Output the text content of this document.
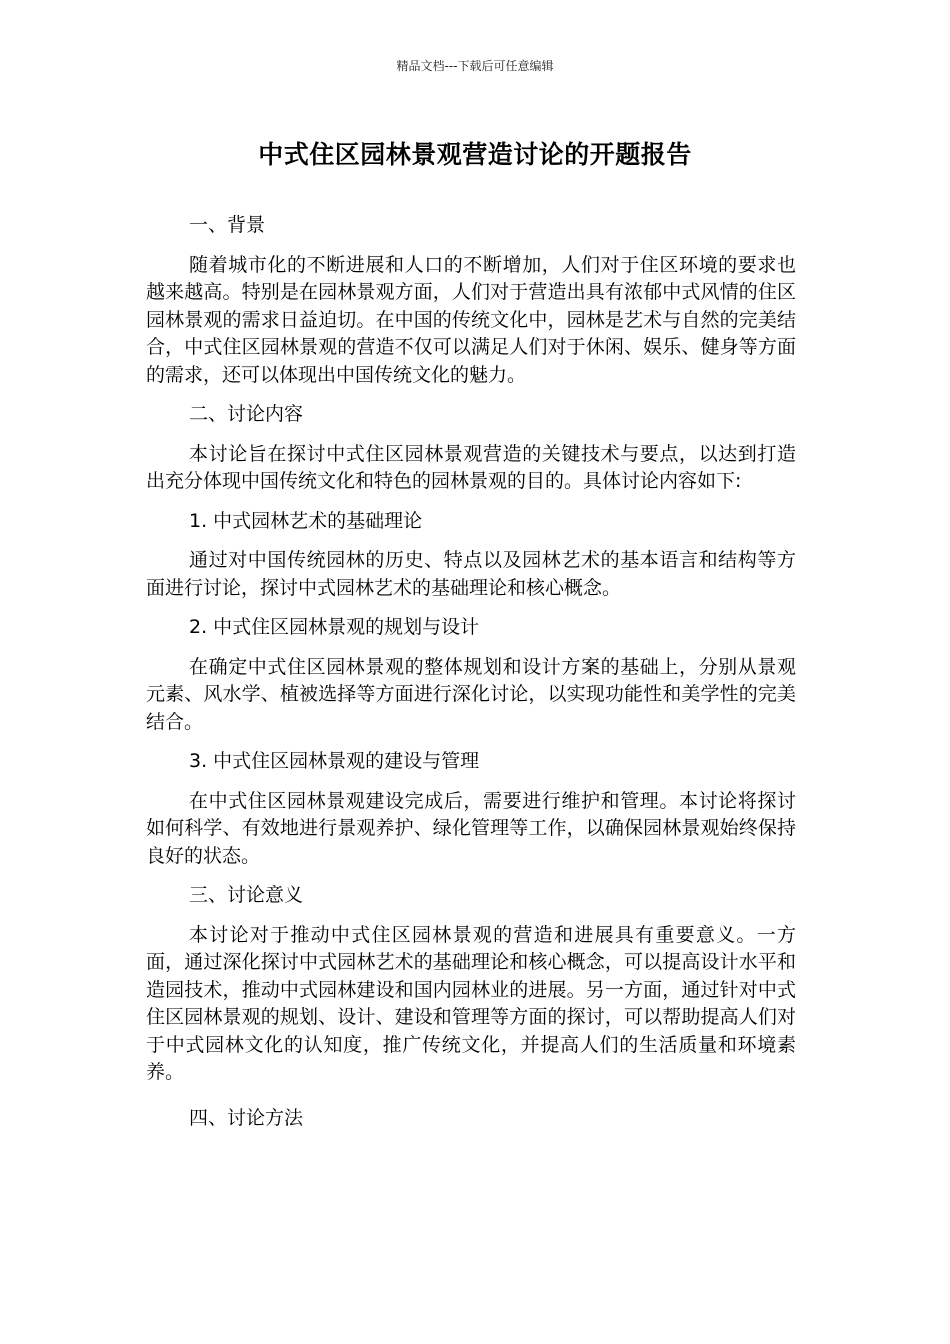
精品文档---下载后可任意编辑
中式住区园林景观营造讨论的开题报告

一、背景

随着城市化的不断进展和人口的不断增加，人们对于住区环境的要求也越来越高。特别是在园林景观方面，人们对于营造出具有浓郁中式风情的住区园林景观的需求日益迫切。在中国的传统文化中，园林是艺术与自然的完美结合，中式住区园林景观的营造不仅可以满足人们对于休闲、娱乐、健身等方面的需求，还可以体现出中国传统文化的魅力。

二、讨论内容

本讨论旨在探讨中式住区园林景观营造的关键技术与要点，以达到打造出充分体现中国传统文化和特色的园林景观的目的。具体讨论内容如下:

1. 中式园林艺术的基础理论

通过对中国传统园林的历史、特点以及园林艺术的基本语言和结构等方面进行讨论，探讨中式园林艺术的基础理论和核心概念。

2. 中式住区园林景观的规划与设计

在确定中式住区园林景观的整体规划和设计方案的基础上，分别从景观元素、风水学、植被选择等方面进行深化讨论，以实现功能性和美学性的完美结合。

3. 中式住区园林景观的建设与管理

在中式住区园林景观建设完成后，需要进行维护和管理。本讨论将探讨如何科学、有效地进行景观养护、绿化管理等工作，以确保园林景观始终保持良好的状态。

三、讨论意义

本讨论对于推动中式住区园林景观的营造和进展具有重要意义。一方面，通过深化探讨中式园林艺术的基础理论和核心概念，可以提高设计水平和造园技术，推动中式园林建设和国内园林业的进展。另一方面，通过针对中式住区园林景观的规划、设计、建设和管理等方面的探讨，可以帮助提高人们对于中式园林文化的认知度，推广传统文化，并提高人们的生活质量和环境素养。

四、讨论方法
